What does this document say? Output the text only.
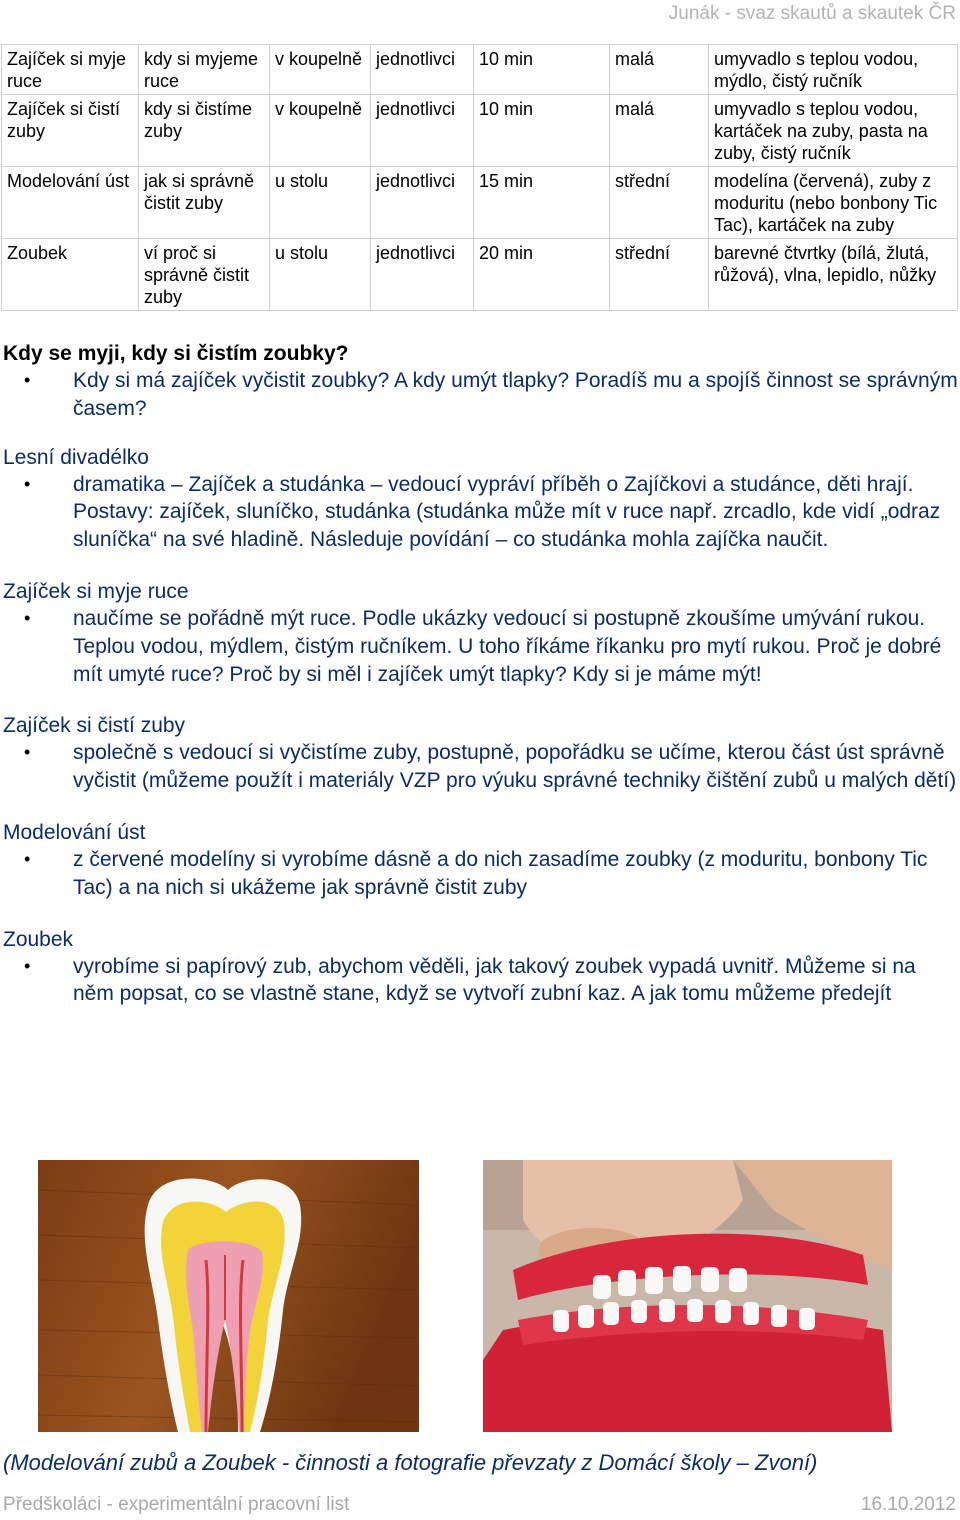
Junák - svaz skautů a skautek ČR
Zajíček si myje ruce	kdy si myjeme ruce	v koupelně	jednotlivci	10 min	malá	umyvadlo s teplou vodou, mýdlo, čistý ručník
Zajíček si čistí zuby	kdy si čistíme zuby	v koupelně	jednotlivci	10 min	malá	umyvadlo s teplou vodou, kartáček na zuby, pasta na zuby, čistý ručník
Modelování úst	jak si správně čistit zuby	u stolu	jednotlivci	15 min	střední	modelína (červená), zuby z moduritu (nebo bonbony Tic Tac), kartáček na zuby
Zoubek	ví proč si správně čistit zuby	u stolu	jednotlivci	20 min	střední	barevné čtvrtky (bílá, žlutá, růžová), vlna, lepidlo, nůžky
Kdy se myji, kdy si čistím zoubky?
• Kdy si má zajíček vyčistit zoubky? A kdy umýt tlapky? Poradíš mu a spojíš činnost se správným časem?
Lesní divadélko
• dramatika – Zajíček a studánka – vedoucí vypráví příběh o Zajíčkovi a studánce, děti hrají. Postavy: zajíček, sluníčko, studánka (studánka může mít v ruce např. zrcadlo, kde vidí „odraz sluníčka“ na své hladině. Následuje povídání – co studánka mohla zajíčka naučit.
Zajíček si myje ruce
• naučíme se pořádně mýt ruce. Podle ukázky vedoucí si postupně zkoušíme umývání rukou. Teplou vodou, mýdlem, čistým ručníkem. U toho říkáme říkanku pro mytí rukou. Proč je dobré mít umyté ruce? Proč by si měl i zajíček umýt tlapky? Kdy si je máme mýt!
Zajíček si čistí zuby
• společně s vedoucí si vyčistíme zuby, postupně, popořádku se učíme, kterou část úst správně vyčistit (můžeme použít i materiály VZP pro výuku správné techniky čištění zubů u malých dětí)
Modelování úst
• z červené modelíny si vyrobíme dásně a do nich zasadíme zoubky (z moduritu, bonbony Tic Tac) a na nich si ukážeme jak správně čistit zuby
Zoubek
• vyrobíme si papírový zub, abychom věděli, jak takový zoubek vypadá uvnitř. Můžeme si na něm popsat, co se vlastně stane, když se vytvoří zubní kaz. A jak tomu můžeme předejít
(Modelování zubů a Zoubek - činnosti a fotografie převzaty z Domácí školy – Zvoní)
Předškoláci - experimentální pracovní list	16.10.2012
